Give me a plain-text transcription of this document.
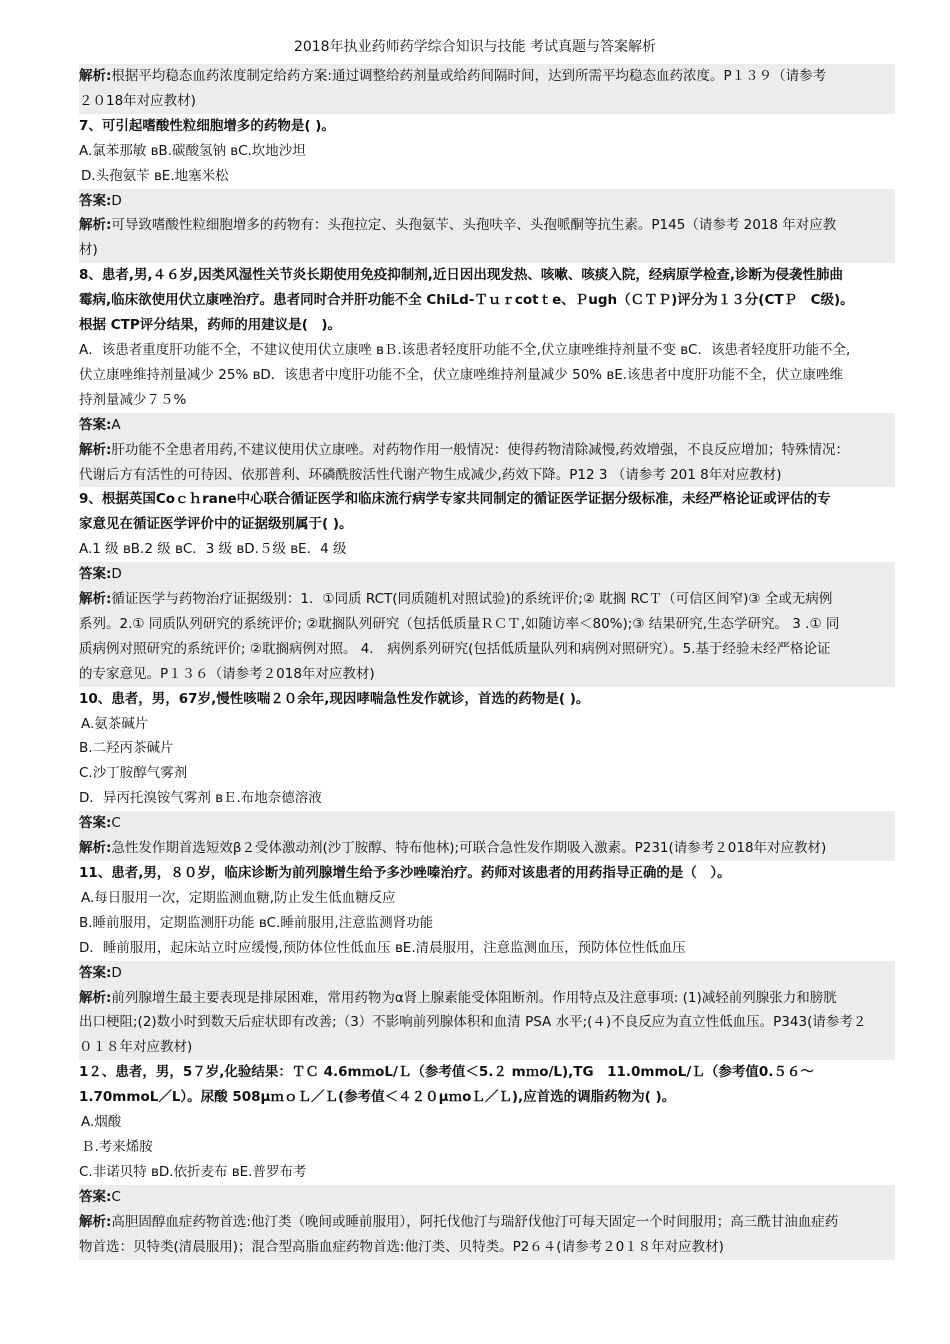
2018年执业药师药学综合知识与技能 考试真题与答案解析
解析:根据平均稳态血药浓度制定给药方案:通过调整给药剂量或给药间隔时间，达到所需平均稳态血药浓度。P１３９（请参考
２０18年对应教材)
7、可引起嗜酸性粒细胞增多的药物是( )。
A.氯苯那敏 ʙB.碳酸氢钠 ʙC.坎地沙坦
D.头孢氨苄 ʙE.地塞米松
答案:D
解析:可导致嗜酸性粒细胞增多的药物有：头孢拉定、头孢氨苄、头孢呋辛、头孢哌酮等抗生素。P145（请参考 2018 年对应教
材)
8、患者,男,４６岁,因类风湿性关节炎长期使用免疫抑制剂,近日因出现发热、咳嗽、咳痰入院，经病原学检查,诊断为侵袭性肺曲
霉病,临床欲使用伏立康唑治疗。患者同时合并肝功能不全 ChiLd-Ｔｕｒcotｔe、Ｐugh（ＣＴＰ)评分为１３分(CTＰ　C级)。
根据 CTP评分结果，药师的用建议是(　)。
A．该患者重度肝功能不全，不建议使用伏立康唑 ʙＢ.该患者轻度肝功能不全,伏立康唑维持剂量不变 ʙC．该患者轻度肝功能不全,
伏立康唑维持剂量减少 25% ʙD．该患者中度肝功能不全，伏立康唑维持剂量减少 50% ʙE.该患者中度肝功能不全，伏立康唑维
持剂量减少７５%
答案:A
解析:肝功能不全患者用药,不建议使用伏立康唑。对药物作用一般情况：使得药物清除减慢,药效增强，不良反应增加；特殊情况：
代谢后方有活性的可待因、依那普利、环磷酰胺活性代谢产物生成减少,药效下降。P12 3 （请参考 201 8年对应教材)
9、根据英国Coｃｈrane中心联合循证医学和临床流行病学专家共同制定的循证医学证据分级标准，未经严格论证或评估的专
家意见在循证医学评价中的证据级别属于( )。
A.1 级 ʙB.2 级 ʙC．3 级 ʙD.５级 ʙE．4 级
答案:D
解析:循证医学与药物治疗证据级别：1．①同质 RCT(同质随机对照试验)的系统评价;② 耽搁 RCＴ（可信区间窄)③ 全或无病例
系列。2.① 同质队列研究的系统评价; ②耽搁队列研究（包括低质量ＲＣＴ,如随访率＜80%);③ 结果研究,生态学研究。 3 .① 同
质病例对照研究的系统评价; ②耽搁病例对照。 4． 病例系列研究(包括低质量队列和病例对照研究）。5.基于经验未经严格论证
的专家意见。P１３６（请参考２018年对应教材)
10、患者，男，67岁,慢性咳喘２０余年,现因哮喘急性发作就诊，首选的药物是( )。
A.氨茶碱片
B.二羟丙茶碱片
C.沙丁胺醇气雾剂
D．异丙托溴铵气雾剂 ʙＥ.布地奈德溶液
答案:C
解析:急性发作期首选短效β２受体激动剂(沙丁胺醇、特布他林);可联合急性发作期吸入激素。P231(请参考２018年对应教材)
11、患者,男，８０岁，临床诊断为前列腺增生给予多沙唑嗪治疗。药师对该患者的用药指导正确的是（　）。
A.每日服用一次，定期监测血糖,防止发生低血糖反应
B.睡前服用，定期监测肝功能 ʙC.睡前服用,注意监测肾功能
D．睡前服用，起床站立时应缓慢,预防体位性低血压 ʙE.清晨服用，注意监测血压，预防体位性低血压
答案:D
解析:前列腺增生最主要表现是排尿困难，常用药物为α肾上腺素能受体阻断剂。作用特点及注意事项: (1)减轻前列腺张力和膀胱
出口梗阻;(2)数小时到数天后症状即有改善;（3）不影响前列腺体积和血清 PSA 水平;(４)不良反应为直立性低血压。P343(请参考２
０１８年对应教材)
1２、患者，男，5７岁,化验结果：ＴＣ 4.6mｍoL/Ｌ（参考值＜5.２ mｍo/L),TG　11.0mmoL/Ｌ（参考值0.５６～
1.70mmoL／L）。尿酸 508μｍｏＬ／Ｌ(参考值＜４２０μｍoＬ／Ｌ),应首选的调脂药物为( )。
A.烟酸
Ｂ.考来烯胺
C.非诺贝特 ʙD.依折麦布 ʙE.普罗布考
答案:C
解析:高胆固醇血症药物首选:他汀类（晚间或睡前服用），阿托伐他汀与瑞舒伐他汀可每天固定一个时间服用；高三酰甘油血症药
物首选：贝特类(清晨服用)；混合型高脂血症药物首选:他汀类、贝特类。P2６４(请参考２0１８年对应教材)
